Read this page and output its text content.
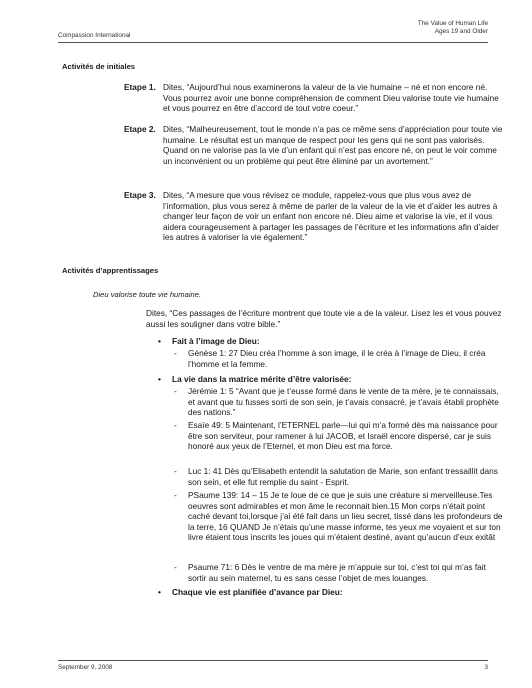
Compassion International
The Value of Human Life
Ages 19 and Older
Activités de initiales
Etape 1. Dites, “Aujourd’hui nous examinerons la valeur de la vie humaine – né et non encore né. Vous pourrez avoir une bonne compréhension de comment Dieu valorise toute vie humaine et vous pourrez en être d’accord de tout votre coeur.”
Etape 2. Dites, “Malheureusement, tout le monde n’a pas ce même sens d’appréciation pour toute vie humaine. Le résultat est un manque de respect pour les gens qui ne sont pas valorisés. Quand on ne valorise pas la vie d’un enfant qui n’est pas encore né, on peut le voir comme un inconvénient ou un problème qui peut être éliminé par un avortement.”
Etape 3. Dites, “A mesure que vous révisez ce module, rappelez-vous que plus vous avez de l’information, plus vous serez à même de parler de la valeur de la vie et d’aider les autres à changer leur façon de voir un enfant non encore né. Dieu aime et valorise la vie, et il vous aidera courageusement à partager les passages de l’écriture et les informations afin d’aider les autres à valoriser la vie également.”
Activités d’apprentissages
Dieu valorise toute vie humaine.
Dites, “Ces passages de l’écriture montrent que toute vie a de la valeur. Lisez les et vous pouvez aussi les souligner dans votre bible.”
• Fait à l’image de Dieu:
- Génèse 1: 27 Dieu créa l’homme à son image, il le créa à l’image de Dieu, il créa l’homme et la femme.
• La vie dans la matrice mérite d’être valorisée:
- Jérémie 1: 5 “Avant que je t’eusse formé dans le vente de ta mère, je te connaissais, et avant que tu fusses sorti de son sein, je t’avais consacré, je t’avais établi prophète des nations.”
- Esaïe 49: 5 Maintenant, l’ETERNEL parle—lui qui m’a formé dès ma naissance pour être son serviteur, pour ramener à lui JACOB, et Israël encore dispersé, car je suis honoré aux yeux de l’Eternel, et mon Dieu est ma force.
- Luc 1: 41 Dès qu’Elisabeth entendit la salutation de Marie, son enfant tressaillit dans son sein, et elle fut remplie du saint - Esprit.
- PSaume 139: 14 – 15 Je te loue de ce que je suis une créature si merveilleuse.Tes oeuvres sont admirables et mon âme le reconnait bien.15 Mon corps n’était point caché devant toi,lorsque j’ai été fait dans un lieu secret, tissé dans les profondeurs de la terre, 16 QUAND Je n’étais qu’une masse informe, tes yeux me voyaient et sur ton livre étaient tous inscrits les joues qui m’étaient destiné, avant qu’aucun d’eux exitât
- Psaume 71: 6 Dès le ventre de ma mère je m’appuie sur toi, c’est toi qui m’as fait sortir au sein maternel, tu es sans cesse l’objet de mes louanges.
• Chaque vie est planifiée d’avance par Dieu:
September 9, 2008	3
